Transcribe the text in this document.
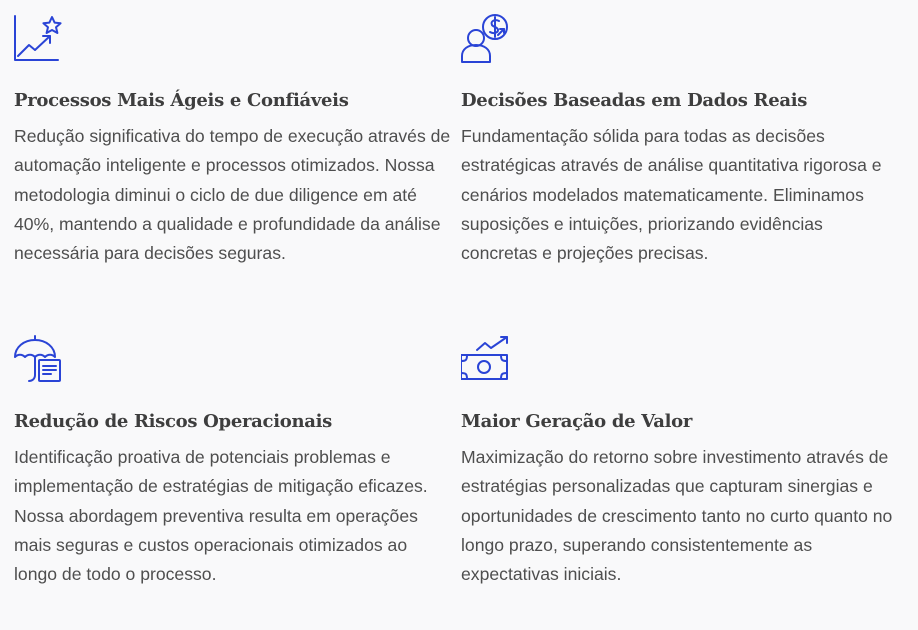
Processos Mais Ágeis e Confiáveis
Redução significativa do tempo de execução através de automação inteligente e processos otimizados. Nossa metodologia diminui o ciclo de due diligence em até 40%, mantendo a qualidade e profundidade da análise necessária para decisões seguras.
Decisões Baseadas em Dados Reais
Fundamentação sólida para todas as decisões estratégicas através de análise quantitativa rigorosa e cenários modelados matematicamente. Eliminamos suposições e intuições, priorizando evidências concretas e projeções precisas.
Redução de Riscos Operacionais
Identificação proativa de potenciais problemas e implementação de estratégias de mitigação eficazes. Nossa abordagem preventiva resulta em operações mais seguras e custos operacionais otimizados ao longo de todo o processo.
Maior Geração de Valor
Maximização do retorno sobre investimento através de estratégias personalizadas que capturam sinergias e oportunidades de crescimento tanto no curto quanto no longo prazo, superando consistentemente as expectativas iniciais.
